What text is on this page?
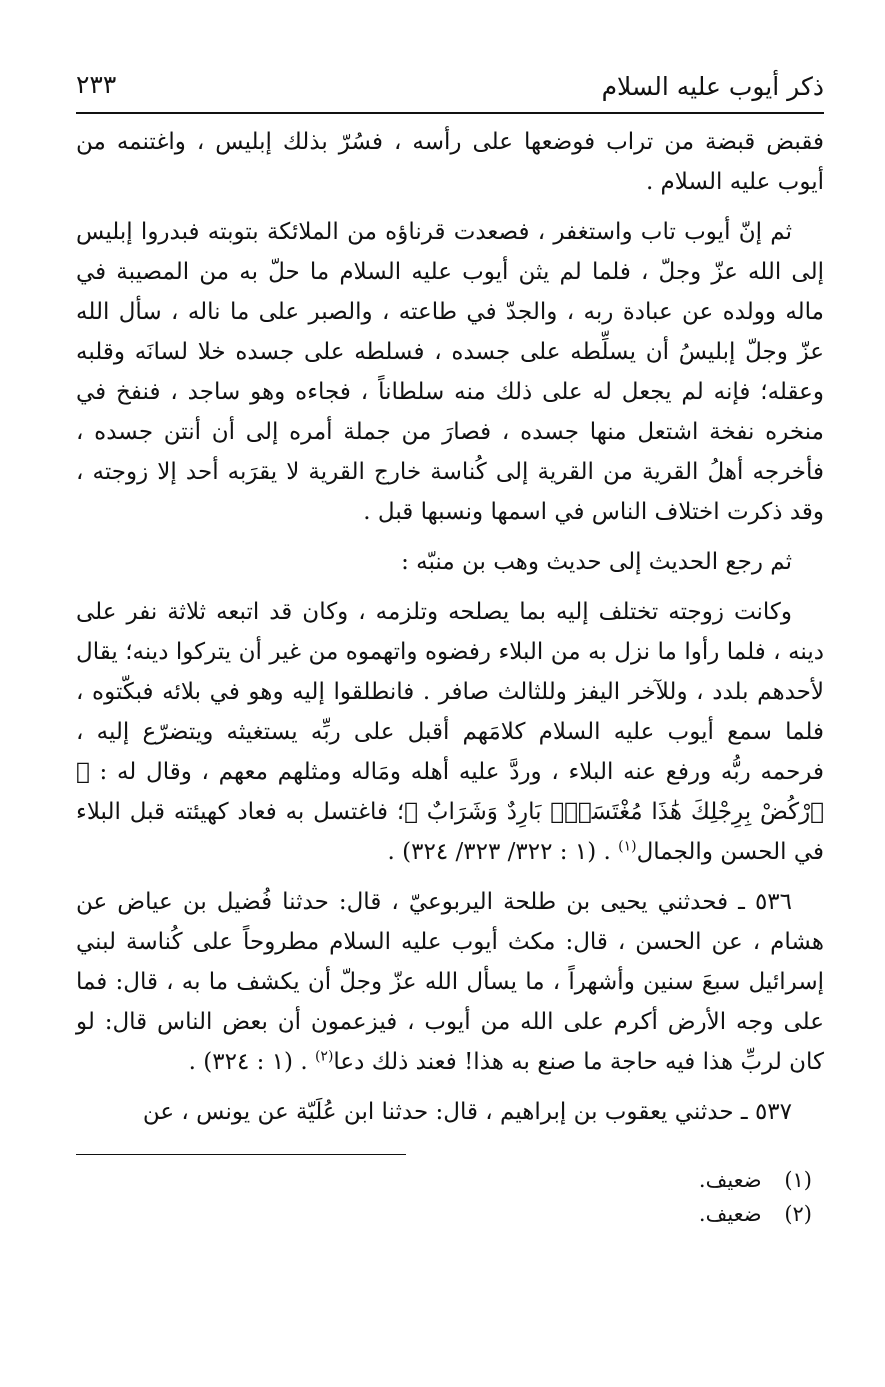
ذكر أيوب عليه السلام
٢٣٣

فقبض قبضة من تراب فوضعها على رأسه ، فسُرّ بذلك إبليس ، واغتنمه من أيوب عليه السلام .

ثم إنّ أيوب تاب واستغفر ، فصعدت قرناؤه من الملائكة بتوبته فبدروا إبليس إلى الله عزّ وجلّ ، فلما لم يثن أيوب عليه السلام ما حلّ به من المصيبة في ماله وولده عن عبادة ربه ، والجدّ في طاعته ، والصبر على ما ناله ، سأل الله عزّ وجلّ إبليسُ أن يسلِّطه على جسده ، فسلطه على جسده خلا لسانَه وقلبه وعقله؛ فإنه لم يجعل له على ذلك منه سلطاناً ، فجاءه وهو ساجد ، فنفخ في منخره نفخة اشتعل منها جسده ، فصارَ من جملة أمره إلى أن أنتن جسده ، فأخرجه أهلُ القرية من القرية إلى كُناسة خارج القرية لا يقرَبه أحد إلا زوجته ، وقد ذكرت اختلاف الناس في اسمها ونسبها قبل .

ثم رجع الحديث إلى حديث وهب بن منبّه :

وكانت زوجته تختلف إليه بما يصلحه وتلزمه ، وكان قد اتبعه ثلاثة نفر على دينه ، فلما رأوا ما نزل به من البلاء رفضوه واتهموه من غير أن يتركوا دينه؛ يقال لأحدهم بلدد ، وللآخر اليفز وللثالث صافر . فانطلقوا إليه وهو في بلائه فبكّتوه ، فلما سمع أيوب عليه السلام كلامَهم أقبل على ربِّه يستغيثه ويتضرّع إليه ، فرحمه ربُّه ورفع عنه البلاء ، وردَّ عليه أهله ومَاله ومثلهم معهم ، وقال له : ﴿ ٱرْكُضْ بِرِجْلِكَ هَٰذَا مُغْتَسَلٌۢ بَارِدٌ وَشَرَابٌ ﴾؛ فاغتسل به فعاد كهيئته قبل البلاء في الحسن والجمال$^{(١)}$ . (١ : ٣٢٢/ ٣٢٣/ ٣٢٤) .

٥٣٦ ـ فحدثني يحيى بن طلحة اليربوعيّ ، قال: حدثنا فُضيل بن عياض عن هشام ، عن الحسن ، قال: مكث أيوب عليه السلام مطروحاً على كُناسة لبني إسرائيل سبعَ سنين وأشهراً ، ما يسأل الله عزّ وجلّ أن يكشف ما به ، قال: فما على وجه الأرض أكرم على الله من أيوب ، فيزعمون أن بعض الناس قال: لو كان لربِّ هذا فيه حاجة ما صنع به هذا! فعند ذلك دعا$^{(٢)}$ . (١ : ٣٢٤) .

٥٣٧ ـ حدثني يعقوب بن إبراهيم ، قال: حدثنا ابن عُلَيّة عن يونس ، عن

(١) ضعيف.
(٢) ضعيف.
